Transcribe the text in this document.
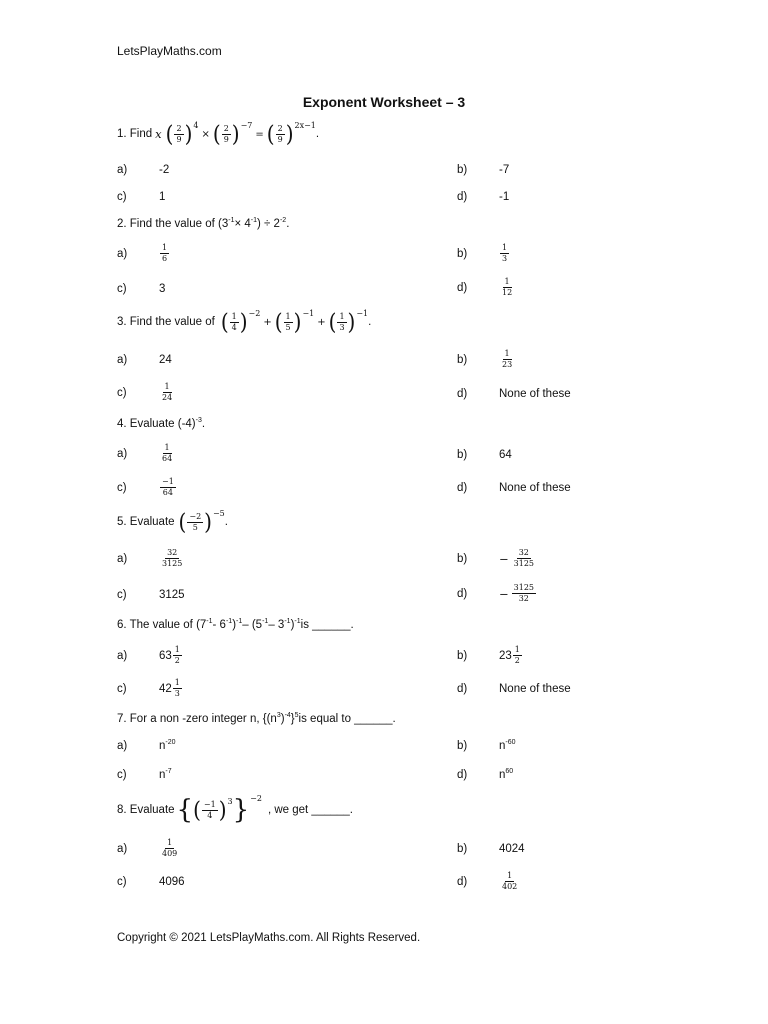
LetsPlayMaths.com
Exponent Worksheet – 3
1. Find x ( $\frac{2}{9}$ ) 4
× ( $\frac{2}{9}$ ) −7
= ( $\frac{2}{9}$ ) 2x−1
.
a)	-2	b)	-7
c)	1	d)	-1
2. Find the value of (3 -1 × 4 -1 ) ÷ 2 -2 .
a)	$\frac{1}{6}$	b)	$\frac{1}{3}$
c)	3	d)	$\frac{1}{12}$
3. Find the value of ( $\frac{1}{4}$ ) −2
+ ( $\frac{1}{5}$ ) −1
+ ( $\frac{1}{3}$ ) −1
.
a)	24	b)	$\frac{1}{23}$
c)	$\frac{1}{24}$	d)	None of these
4. Evaluate (-4) -3 .
a)	$\frac{1}{64}$	b)	64
c)	$\frac{-1}{64}$	d)	None of these
5. Evaluate ( $\frac{-2}{5}$ ) −5
.
a)	$\frac{32}{3125}$	b)	− $\frac{32}{3125}$
c)	3125	d)	− $\frac{3125}{32}$
6. The value of (7 -1 - 6 -1 ) -1 – (5 -1 – 3 -1 ) -1 is ______.
a)	$63 \frac{1}{2}$	b)	$23 \frac{1}{2}$
c)	$42 \frac{1}{3}$	d)	None of these
7. For a non -zero integer n, {(n 3 ) -4 } 5 is equal to ______.
a)	n -20	b)	n -60
c)	n -7	d)	n 60
8. Evaluate { ( $\frac{-1}{4}$ ) 3 } −2
, we get ______.
a)	$\frac{1}{409}$	b)	4024
c)	4096	d)	$\frac{1}{402}$
Copyright © 2021 LetsPlayMaths.com. All Rights Reserved.
